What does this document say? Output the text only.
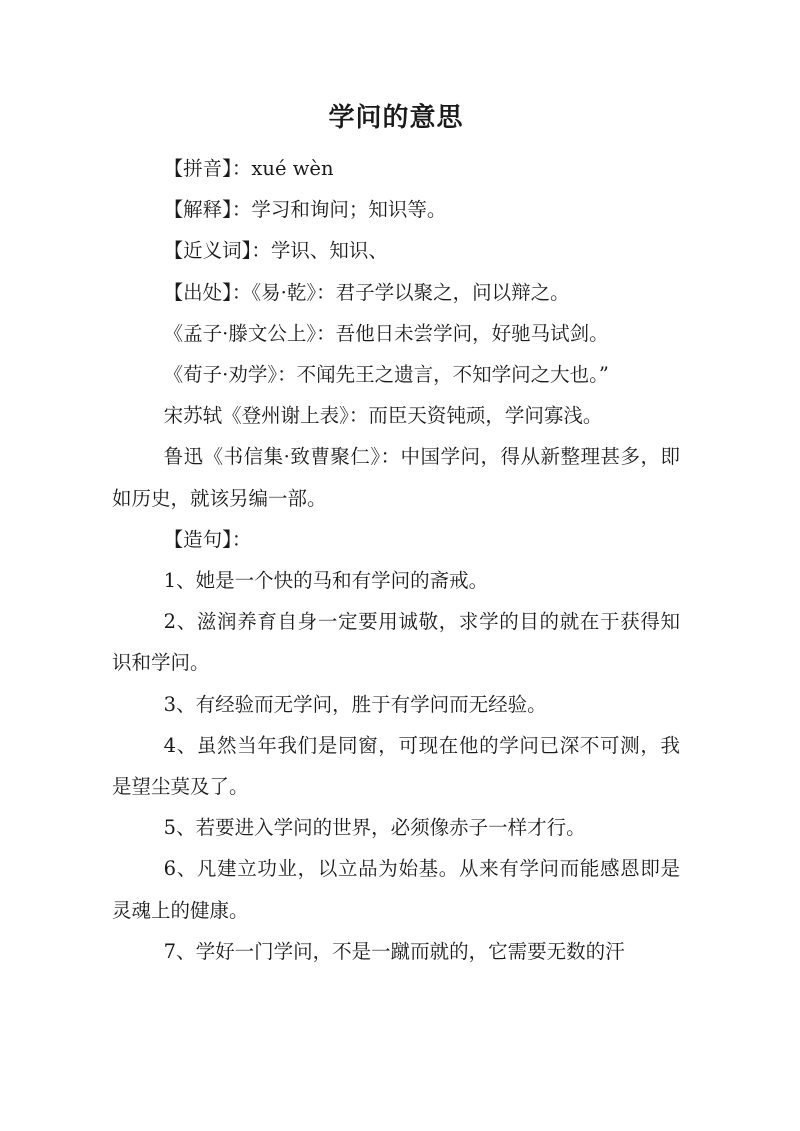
学问的意思

【拼音】：xué wèn

【解释】：学习和询问；知识等。

【近义词】：学识、知识、

【出处】：《易·乾》：君子学以聚之，问以辩之。

《孟子·滕文公上》：吾他日未尝学问，好驰马试剑。

《荀子·劝学》：不闻先王之遗言，不知学问之大也。”

宋苏轼《登州谢上表》：而臣天资钝顽，学问寡浅。

鲁迅《书信集·致曹聚仁》：中国学问，得从新整理甚多，即如历史，就该另编一部。

【造句】：

1、她是一个快的马和有学问的斋戒。

2、滋润养育自身一定要用诚敬，求学的目的就在于获得知识和学问。

3、有经验而无学问，胜于有学问而无经验。

4、虽然当年我们是同窗，可现在他的学问已深不可测，我是望尘莫及了。

5、若要进入学问的世界，必须像赤子一样才行。

6、凡建立功业，以立品为始基。从来有学问而能感恩即是灵魂上的健康。

7、学好一门学问，不是一蹴而就的，它需要无数的汗
